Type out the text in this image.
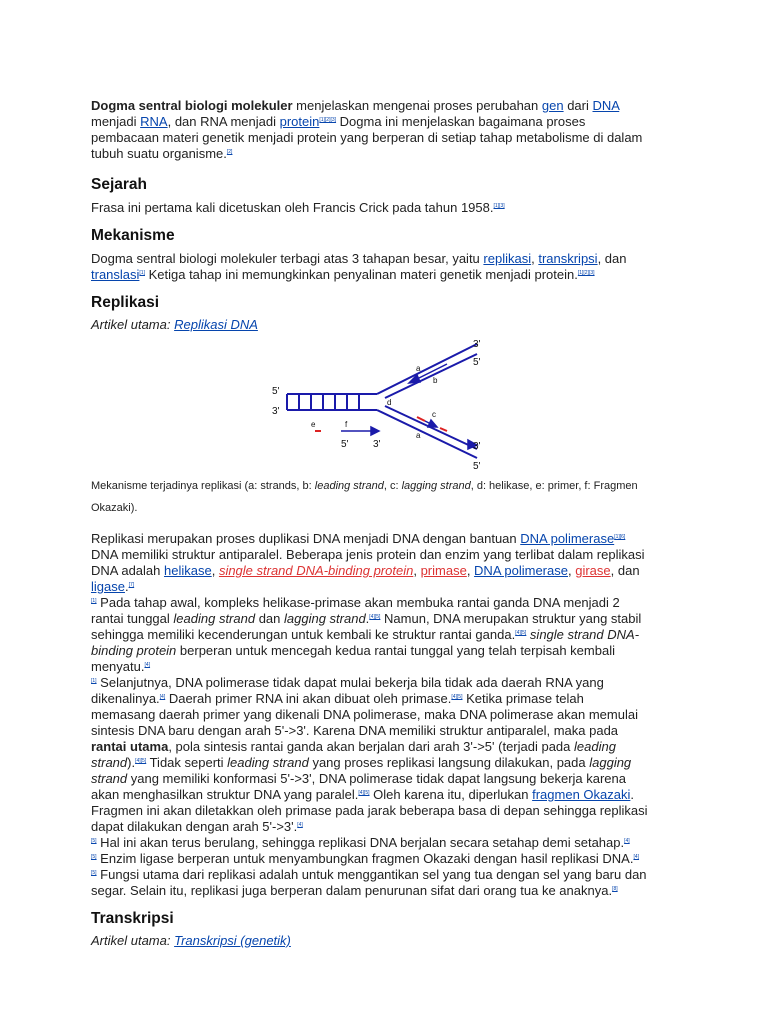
Dogma sentral biologi molekuler menjelaskan mengenai proses perubahan gen dari DNA menjadi RNA, dan RNA menjadi protein[1][2][3] Dogma ini menjelaskan bagaimana proses pembacaan materi genetik menjadi protein yang berperan di setiap tahap metabolisme di dalam tubuh suatu organisme.[2]

Sejarah

Frasa ini pertama kali dicetuskan oleh Francis Crick pada tahun 1958.[1][3]

Mekanisme

Dogma sentral biologi molekuler terbagi atas 3 tahapan besar, yaitu replikasi, transkripsi, dan translasi[1] Ketiga tahap ini memungkinkan penyalinan materi genetik menjadi protein.[1][2][3]

Replikasi

Artikel utama: Replikasi DNA

3'
5'
5'
3'
3'
5'
a
b
d
c
a
e	f
5' 3'

Mekanisme terjadinya replikasi (a: strands, b: leading strand, c: lagging strand, d: helikase, e: primer, f: Fragmen Okazaki).

Replikasi merupakan proses duplikasi DNA menjadi DNA dengan bantuan DNA polimerase[1][6] DNA memiliki struktur antiparalel. Beberapa jenis protein dan enzim yang terlibat dalam replikasi DNA adalah helikase, single strand DNA-binding protein, primase, DNA polimerase, girase, dan ligase.[7]
[1] Pada tahap awal, kompleks helikase-primase akan membuka rantai ganda DNA menjadi 2 rantai tunggal leading strand dan lagging strand.[4][5] Namun, DNA merupakan struktur yang stabil sehingga memiliki kecenderungan untuk kembali ke struktur rantai ganda.[4][5] single strand DNA-binding protein berperan untuk mencegah kedua rantai tunggal yang telah terpisah kembali menyatu.[4]
[1] Selanjutnya, DNA polimerase tidak dapat mulai bekerja bila tidak ada daerah RNA yang dikenalinya.[4] Daerah primer RNA ini akan dibuat oleh primase.[4][5] Ketika primase telah memasang daerah primer yang dikenali DNA polimerase, maka DNA polimerase akan memulai sintesis DNA baru dengan arah 5'->3'. Karena DNA memiliki struktur antiparalel, maka pada rantai utama, pola sintesis rantai ganda akan berjalan dari arah 3'->5' (terjadi pada leading strand).[4][5] Tidak seperti leading strand yang proses replikasi langsung dilakukan, pada lagging strand yang memiliki konformasi 5'->3', DNA polimerase tidak dapat langsung bekerja karena akan menghasilkan struktur DNA yang paralel.[4][5] Oleh karena itu, diperlukan fragmen Okazaki. Fragmen ini akan diletakkan oleh primase pada jarak beberapa basa di depan sehingga replikasi dapat dilakukan dengan arah 5'->3'.[4]
[5] Hal ini akan terus berulang, sehingga replikasi DNA berjalan secara setahap demi setahap.[4]
[5] Enzim ligase berperan untuk menyambungkan fragmen Okazaki dengan hasil replikasi DNA.[4]
[5] Fungsi utama dari replikasi adalah untuk menggantikan sel yang tua dengan sel yang baru dan segar. Selain itu, replikasi juga berperan dalam penurunan sifat dari orang tua ke anaknya.[8]

Transkripsi

Artikel utama: Transkripsi (genetik)
